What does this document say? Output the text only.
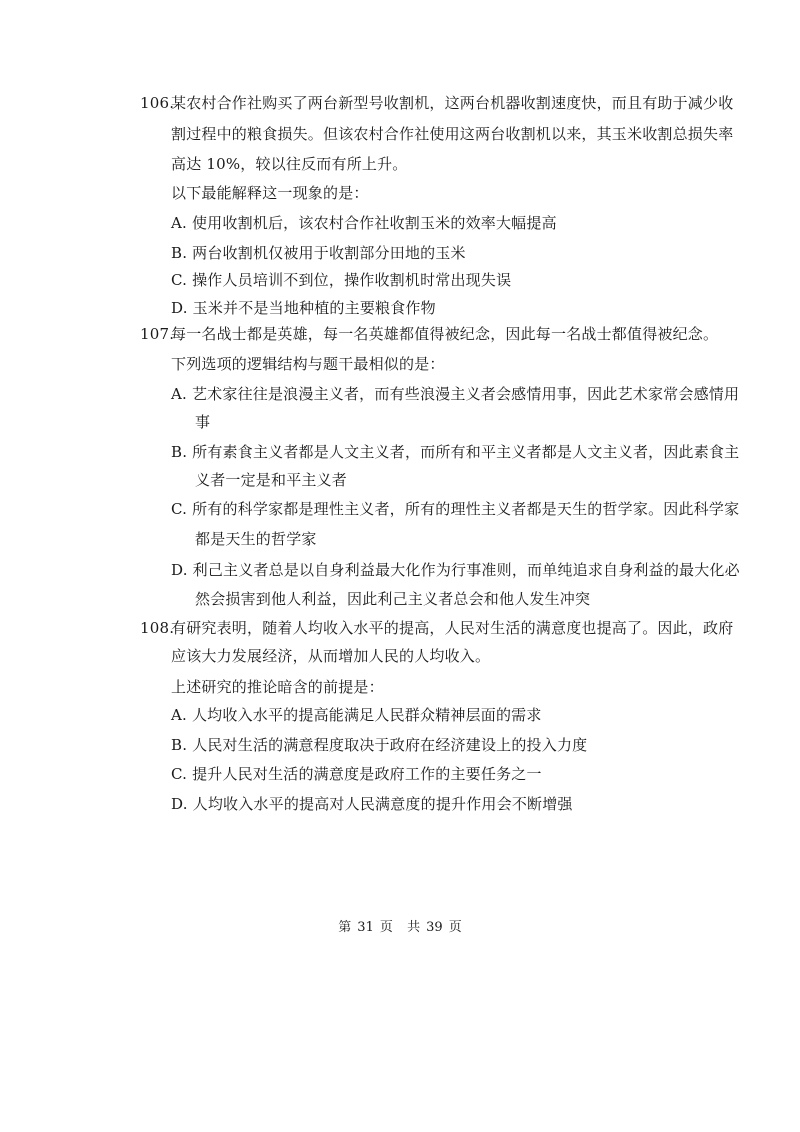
106.
某农村合作社购买了两台新型号收割机，这两台机器收割速度快，而且有助于减少收
割过程中的粮食损失。但该农村合作社使用这两台收割机以来，其玉米收割总损失率
高达 10%，较以往反而有所上升。
以下最能解释这一现象的是：
A. 使用收割机后，该农村合作社收割玉米的效率大幅提高
B. 两台收割机仅被用于收割部分田地的玉米
C. 操作人员培训不到位，操作收割机时常出现失误
D. 玉米并不是当地种植的主要粮食作物
107.
每一名战士都是英雄，每一名英雄都值得被纪念，因此每一名战士都值得被纪念。
下列选项的逻辑结构与题干最相似的是：
A. 艺术家往往是浪漫主义者，而有些浪漫主义者会感情用事，因此艺术家常会感情用
事
B. 所有素食主义者都是人文主义者，而所有和平主义者都是人文主义者，因此素食主
义者一定是和平主义者
C. 所有的科学家都是理性主义者，所有的理性主义者都是天生的哲学家。因此科学家
都是天生的哲学家
D. 利己主义者总是以自身利益最大化作为行事准则，而单纯追求自身利益的最大化必
然会损害到他人利益，因此利己主义者总会和他人发生冲突
108.
有研究表明，随着人均收入水平的提高，人民对生活的满意度也提高了。因此，政府
应该大力发展经济，从而增加人民的人均收入。
上述研究的推论暗含的前提是：
A. 人均收入水平的提高能满足人民群众精神层面的需求
B. 人民对生活的满意程度取决于政府在经济建设上的投入力度
C. 提升人民对生活的满意度是政府工作的主要任务之一
D. 人均收入水平的提高对人民满意度的提升作用会不断增强
第 31 页 共 39 页
